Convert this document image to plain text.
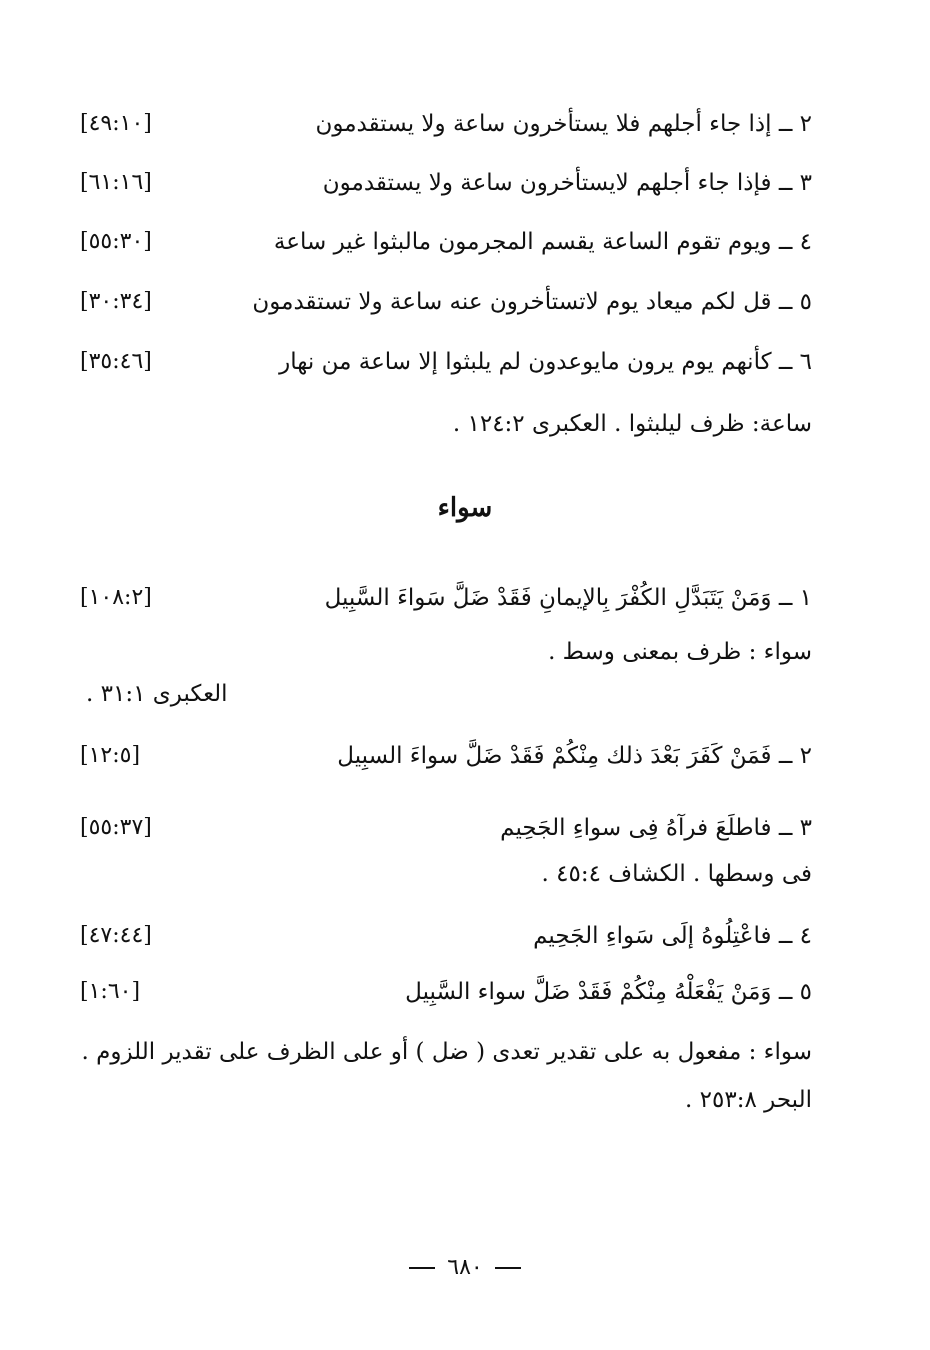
٢ ــ إذا جاء أجلهم فلا يستأخرون ساعة ولا يستقدمون
[٤٩:١٠]
٣ ــ فإذا جاء أجلهم لايستأخرون ساعة ولا يستقدمون
[٦١:١٦]
٤ ــ ويوم تقوم الساعة يقسم المجرمون مالبثوا غير ساعة
[٥٥:٣٠]
٥ ــ قل لكم ميعاد يوم لاتستأخرون عنه ساعة ولا تستقدمون
[٣٠:٣٤]
٦ ــ كأنهم يوم يرون مايوعدون لم يلبثوا إلا ساعة من نهار
[٣٥:٤٦]
ساعة: ظرف ليلبثوا . العكبرى ١٢٤:٢ .
سواء
١ ــ وَمَنْ يَتَبَدَّلِ الكُفْرَ بِالإيمانِ فَقَدْ ضَلَّ سَواءَ السَّبِيل
[١٠٨:٢]
سواء : ظرف بمعنى وسط .
العكبرى ٣١:١ .
٢ ــ فَمَنْ كَفَرَ بَعْدَ ذلك مِنْكُمْ فَقَدْ ضَلَّ سواءَ السبِيل
[١٢:٥]
٣ ــ فاطلَعَ فرآهُ فِى سواءِ الجَحِيم
[٥٥:٣٧]
فى وسطها . الكشاف ٤٥:٤ .
٤ ــ فاعْتِلُوهُ إلَى سَواءِ الجَحِيم
[٤٧:٤٤]
٥ ــ وَمَنْ يَفْعَلْهُ مِنْكُمْ فَقَدْ ضَلَّ سواء السَّبِيل
[١:٦٠]
سواء : مفعول به على تقدير تعدى ( ضل ) أو على الظرف على تقدير اللزوم .
البحر ٢٥٣:٨ .
٦٨٠
